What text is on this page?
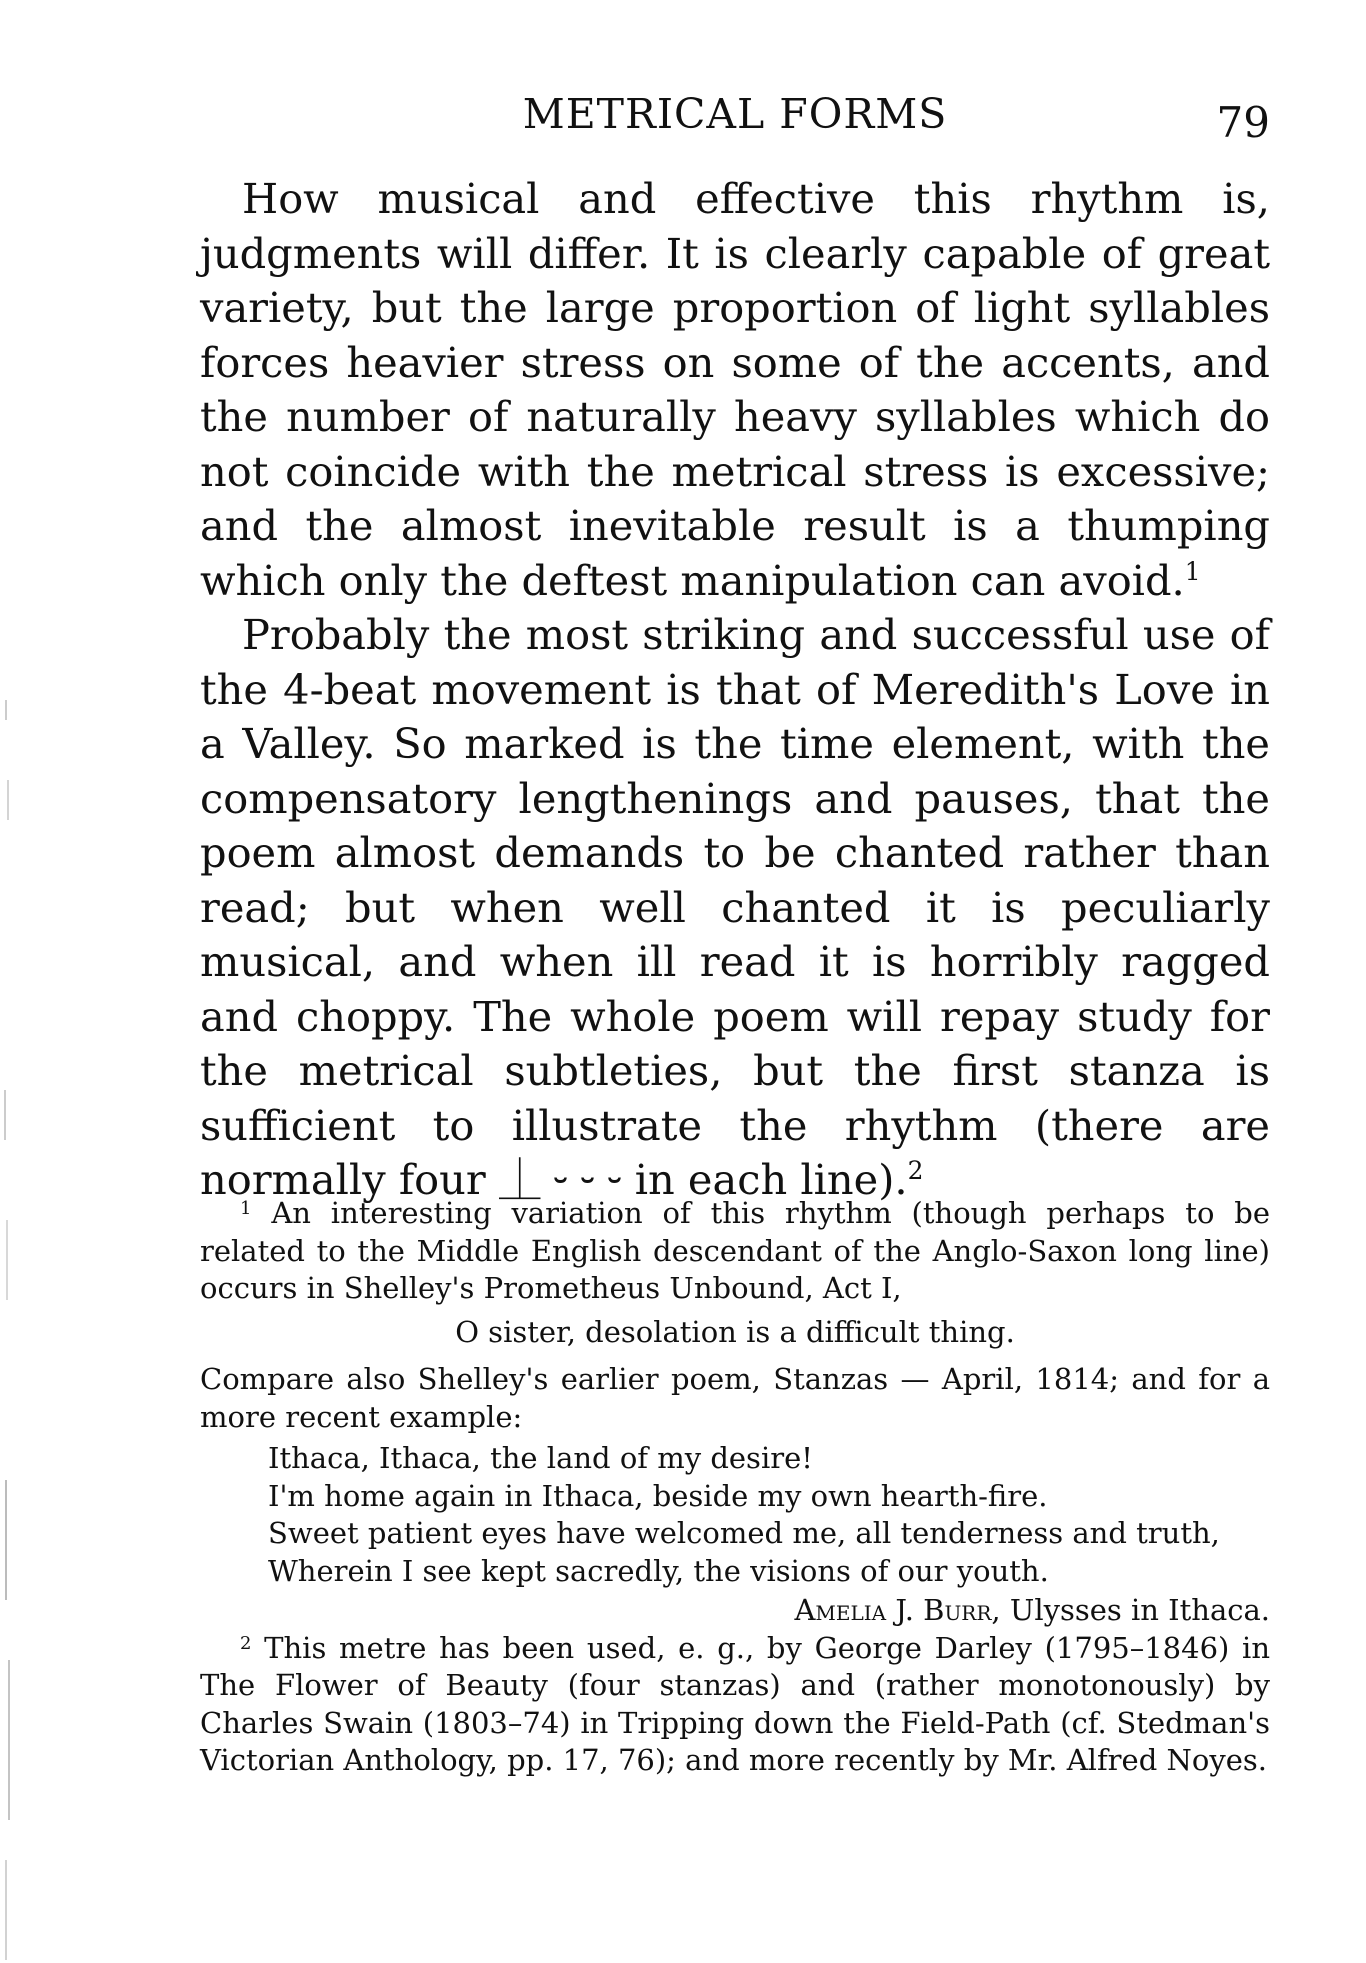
METRICAL FORMS	79

How musical and effective this rhythm is, judgments will differ. It is clearly capable of great variety, but the large proportion of light syllables forces heavier stress on some of the accents, and the number of naturally heavy syllables which do not coincide with the metrical stress is excessive; and the almost inevitable result is a thumping which only the deftest manipulation can avoid.$^1$

Probably the most striking and successful use of the 4-beat movement is that of Meredith's Love in a Valley. So marked is the time element, with the compensatory lengthenings and pauses, that the poem almost demands to be chanted rather than read; but when well chanted it is peculiarly musical, and when ill read it is horribly ragged and choppy. The whole poem will repay study for the metrical subtleties, but the first stanza is sufficient to illustrate the rhythm (there are normally four ⏊ ⏑ ⏑ ⏑ in each line).$^2$

$^1$ An interesting variation of this rhythm (though perhaps to be related to the Middle English descendant of the Anglo-Saxon long line) occurs in Shelley's Prometheus Unbound, Act I,

O sister, desolation is a difficult thing.

Compare also Shelley's earlier poem, Stanzas — April, 1814; and for a more recent example:

Ithaca, Ithaca, the land of my desire!
I'm home again in Ithaca, beside my own hearth-fire.
Sweet patient eyes have welcomed me, all tenderness and truth,
Wherein I see kept sacredly, the visions of our youth.
Amelia J. Burr, Ulysses in Ithaca.

$^2$ This metre has been used, e. g., by George Darley (1795–1846) in The Flower of Beauty (four stanzas) and (rather monotonously) by Charles Swain (1803–74) in Tripping down the Field-Path (cf. Stedman's Victorian Anthology, pp. 17, 76); and more recently by Mr. Alfred Noyes.
